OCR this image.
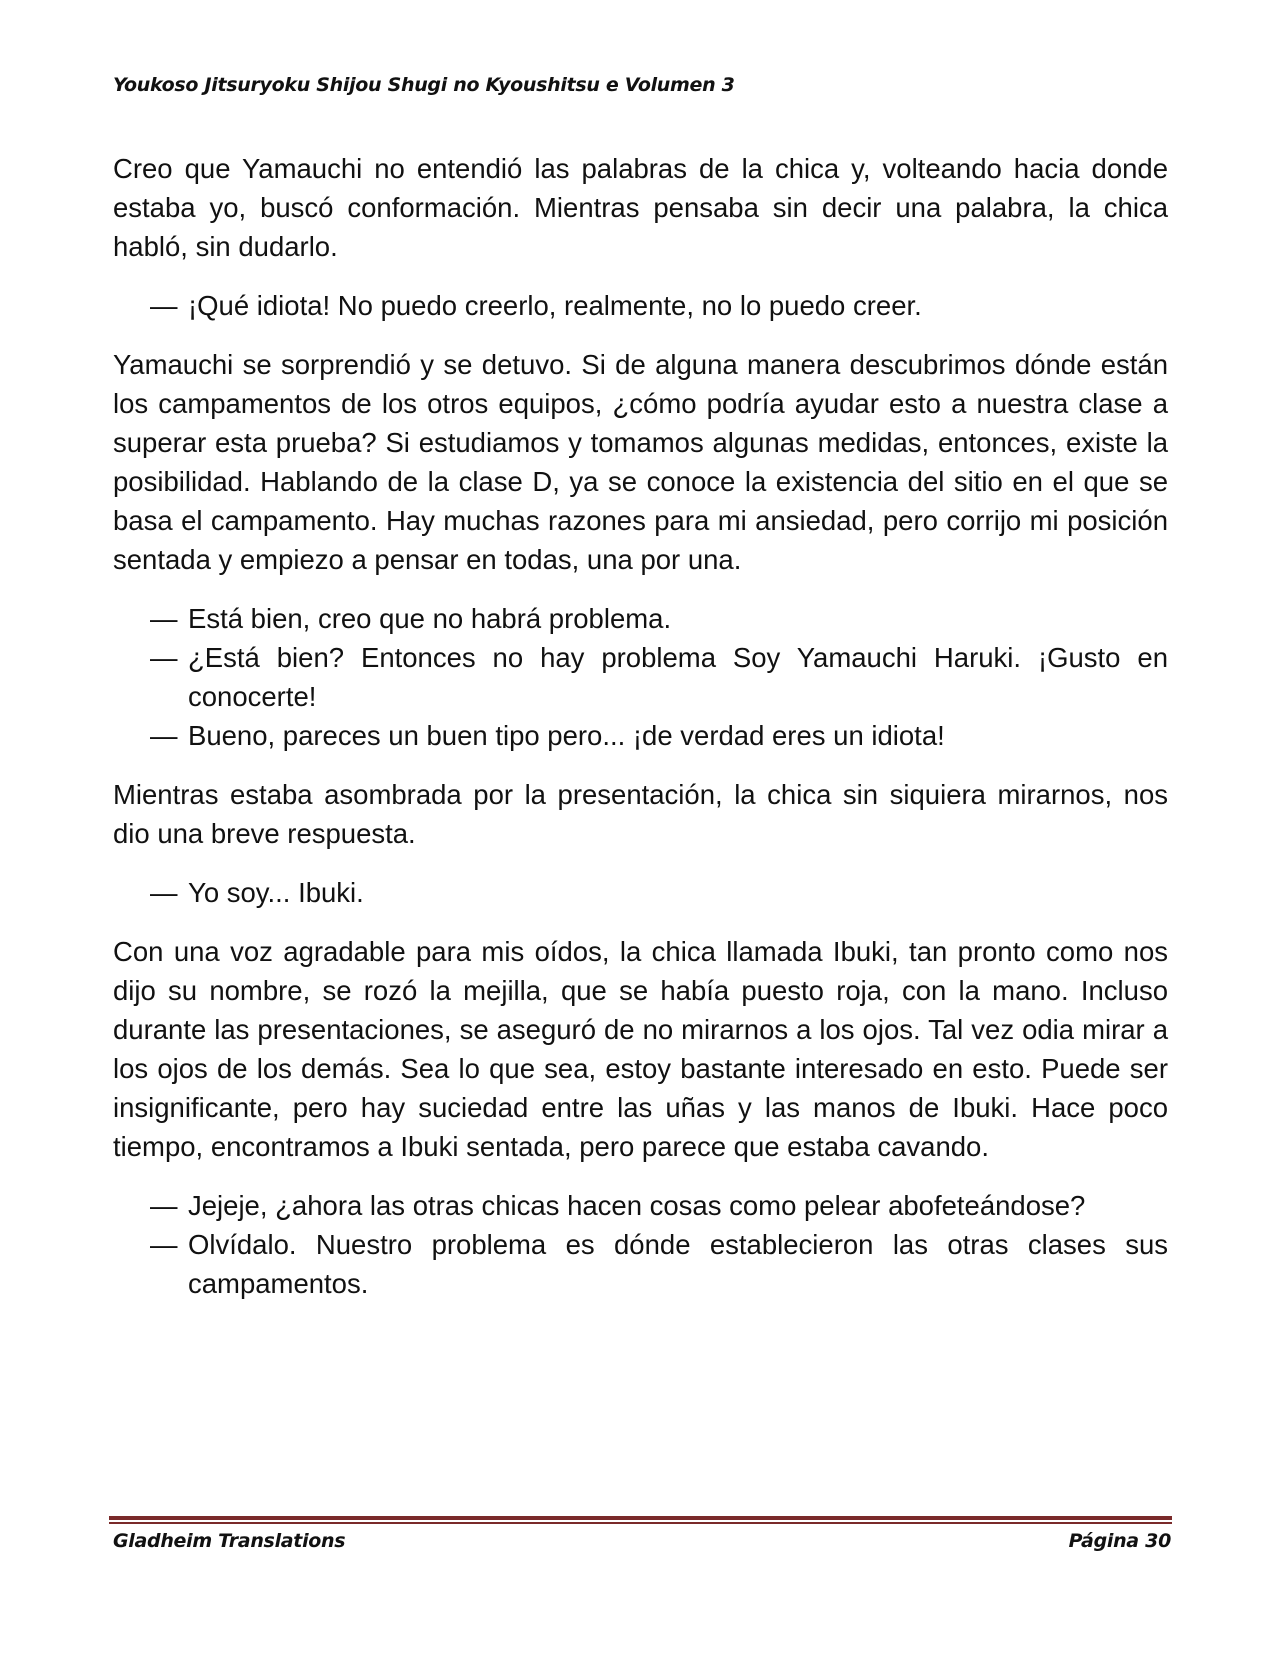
Youkoso Jitsuryoku Shijou Shugi no Kyoushitsu e Volumen 3

Creo que Yamauchi no entendió las palabras de la chica y, volteando hacia donde estaba yo, buscó conformación. Mientras pensaba sin decir una palabra, la chica habló, sin dudarlo.

— ¡Qué idiota! No puedo creerlo, realmente, no lo puedo creer.

Yamauchi se sorprendió y se detuvo. Si de alguna manera descubrimos dónde están los campamentos de los otros equipos, ¿cómo podría ayudar esto a nuestra clase a superar esta prueba? Si estudiamos y tomamos algunas medidas, entonces, existe la posibilidad. Hablando de la clase D, ya se conoce la existencia del sitio en el que se basa el campamento. Hay muchas razones para mi ansiedad, pero corrijo mi posición sentada y empiezo a pensar en todas, una por una.

— Está bien, creo que no habrá problema.

— ¿Está bien? Entonces no hay problema Soy Yamauchi Haruki. ¡Gusto en conocerte!

— Bueno, pareces un buen tipo pero... ¡de verdad eres un idiota!

Mientras estaba asombrada por la presentación, la chica sin siquiera mirarnos, nos dio una breve respuesta.

— Yo soy... Ibuki.

Con una voz agradable para mis oídos, la chica llamada Ibuki, tan pronto como nos dijo su nombre, se rozó la mejilla, que se había puesto roja, con la mano. Incluso durante las presentaciones, se aseguró de no mirarnos a los ojos. Tal vez odia mirar a los ojos de los demás. Sea lo que sea, estoy bastante interesado en esto. Puede ser insignificante, pero hay suciedad entre las uñas y las manos de Ibuki. Hace poco tiempo, encontramos a Ibuki sentada, pero parece que estaba cavando.

— Jejeje, ¿ahora las otras chicas hacen cosas como pelear abofeteándose?

— Olvídalo. Nuestro problema es dónde establecieron las otras clases sus campamentos.

Gladheim Translations	Página 30
